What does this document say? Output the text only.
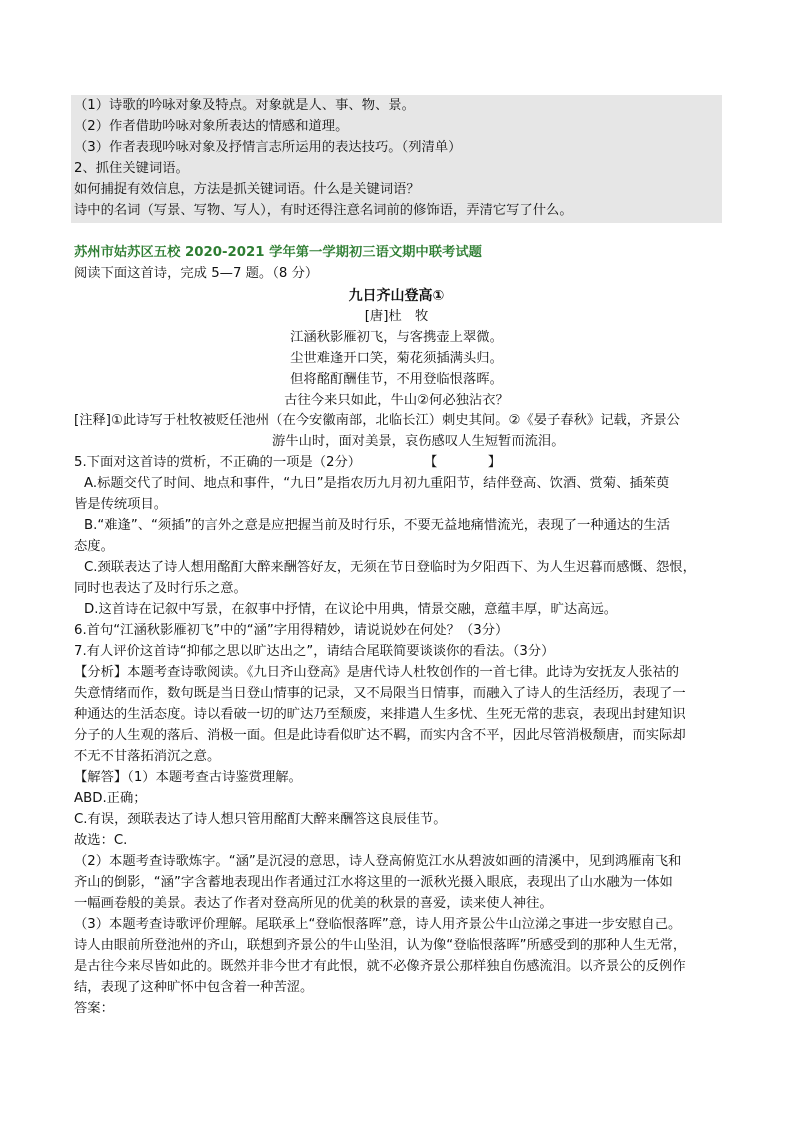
（1）诗歌的吟咏对象及特点。对象就是人、事、物、景。
（2）作者借助吟咏对象所表达的情感和道理。
（3）作者表现吟咏对象及抒情言志所运用的表达技巧。（列清单）
2、抓住关键词语。
如何捕捉有效信息，方法是抓关键词语。什么是关键词语？
诗中的名词（写景、写物、写人），有时还得注意名词前的修饰语，弄清它写了什么。
苏州市姑苏区五校 2020-2021 学年第一学期初三语文期中联考试题
阅读下面这首诗，完成 5—7 题。（8 分）
九日齐山登高①
[唐]杜　牧
江涵秋影雁初飞，与客携壶上翠微。
尘世难逢开口笑，菊花须插满头归。
但将酩酊酬佳节，不用登临恨落晖。
古往今来只如此，牛山②何必独沾衣？
[注释]①此诗写于杜牧被贬任池州（在今安徽南部，北临长江）刺史其间。②《晏子春秋》记载，齐景公
游牛山时，面对美景，哀伤感叹人生短暂而流泪。
5.下面对这首诗的赏析，不正确的一项是（2分）	【　　】
A.标题交代了时间、地点和事件，“九日”是指农历九月初九重阳节，结伴登高、饮酒、赏菊、插茱萸
皆是传统项目。
B.“难逢”、“须插”的言外之意是应把握当前及时行乐，不要无益地痛惜流光，表现了一种通达的生活
态度。
C.颈联表达了诗人想用酩酊大醉来酬答好友，无须在节日登临时为夕阳西下、为人生迟暮而感慨、怨恨，
同时也表达了及时行乐之意。
D.这首诗在记叙中写景，在叙事中抒情，在议论中用典，情景交融，意蕴丰厚，旷达高远。
6.首句“江涵秋影雁初飞”中的“涵”字用得精妙，请说说妙在何处？（3分）
7.有人评价这首诗“抑郁之思以旷达出之”，请结合尾联简要谈谈你的看法。（3分）
【分析】本题考查诗歌阅读。《九日齐山登高》是唐代诗人杜牧创作的一首七律。此诗为安抚友人张祜的
失意情绪而作，数句既是当日登山情事的记录，又不局限当日情事，而融入了诗人的生活经历，表现了一
种通达的生活态度。诗以看破一切的旷达乃至颓废，来排遣人生多忧、生死无常的悲哀，表现出封建知识
分子的人生观的落后、消极一面。但是此诗看似旷达不羁，而实内含不平，因此尽管消极颓唐，而实际却
不无不甘落拓消沉之意。
【解答】（1）本题考查古诗鉴赏理解。
ABD.正确；
C.有误，颈联表达了诗人想只管用酩酊大醉来酬答这良辰佳节。
故选：C.
（2）本题考查诗歌炼字。“涵”是沉浸的意思，诗人登高俯览江水从碧波如画的清溪中，见到鸿雁南飞和
齐山的倒影，“涵”字含蓄地表现出作者通过江水将这里的一派秋光摄入眼底，表现出了山水融为一体如
一幅画卷般的美景。表达了作者对登高所见的优美的秋景的喜爱，读来使人神往。
（3）本题考查诗歌评价理解。尾联承上“登临恨落晖”意，诗人用齐景公牛山泣涕之事进一步安慰自己。
诗人由眼前所登池州的齐山，联想到齐景公的牛山坠泪，认为像“登临恨落晖”所感受到的那种人生无常，
是古往今来尽皆如此的。既然并非今世才有此恨，就不必像齐景公那样独自伤感流泪。以齐景公的反例作
结，表现了这种旷怀中包含着一种苦涩。
答案：
